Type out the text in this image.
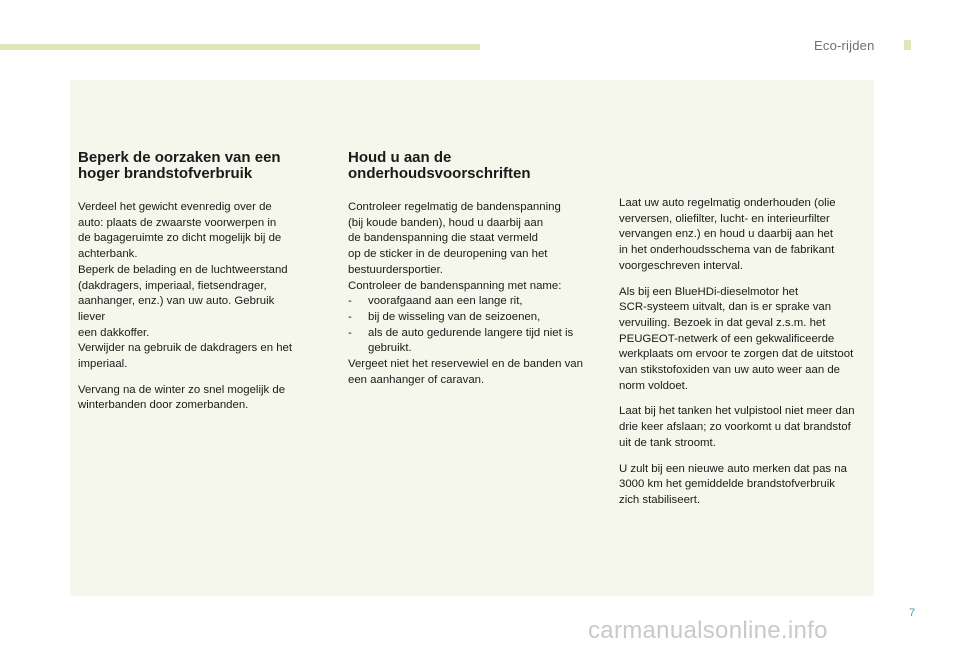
Eco-rijden
Beperk de oorzaken van een
hoger brandstofverbruik

Verdeel het gewicht evenredig over de
auto: plaats de zwaarste voorwerpen in
de bagageruimte zo dicht mogelijk bij de
achterbank.
Beperk de belading en de luchtweerstand
(dakdragers, imperiaal, fietsendrager,
aanhanger, enz.) van uw auto. Gebruik liever
een dakkoffer.
Verwijder na gebruik de dakdragers en het
imperiaal.

Vervang na de winter zo snel mogelijk de
winterbanden door zomerbanden.

Houd u aan de
onderhoudsvoorschriften

Controleer regelmatig de bandenspanning
(bij koude banden), houd u daarbij aan
de bandenspanning die staat vermeld
op de sticker in de deuropening van het
bestuurdersportier.
Controleer de bandenspanning met name:

- voorafgaand aan een lange rit,
- bij de wisseling van de seizoenen,
- als de auto gedurende langere tijd niet is gebruikt.

Vergeet niet het reservewiel en de banden van
een aanhanger of caravan.

Laat uw auto regelmatig onderhouden (olie
verversen, oliefilter, lucht- en interieurfilter
vervangen enz.) en houd u daarbij aan het
in het onderhoudsschema van de fabrikant
voorgeschreven interval.

Als bij een BlueHDi-dieselmotor het
SCR-systeem uitvalt, dan is er sprake van
vervuiling. Bezoek in dat geval z.s.m. het
PEUGEOT-netwerk of een gekwalificeerde
werkplaats om ervoor te zorgen dat de uitstoot
van stikstofoxiden van uw auto weer aan de
norm voldoet.

Laat bij het tanken het vulpistool niet meer dan
drie keer afslaan; zo voorkomt u dat brandstof
uit de tank stroomt.

U zult bij een nieuwe auto merken dat pas na
3000 km het gemiddelde brandstofverbruik
zich stabiliseert.

7
carmanualsonline.info
